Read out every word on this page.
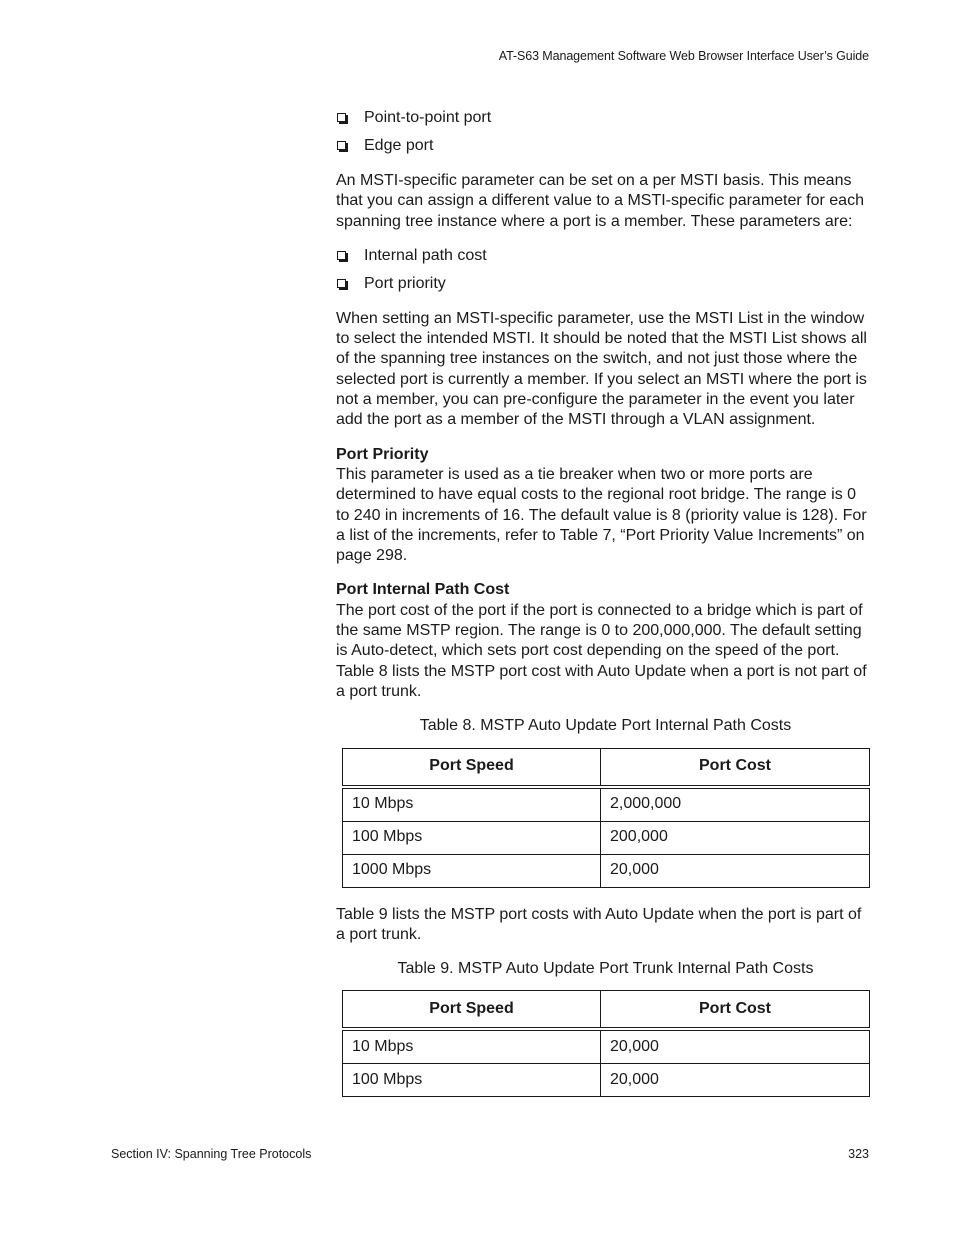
AT-S63 Management Software Web Browser Interface User’s Guide
Point-to-point port
Edge port

An MSTI-specific parameter can be set on a per MSTI basis. This means that you can assign a different value to a MSTI-specific parameter for each spanning tree instance where a port is a member. These parameters are:

Internal path cost
Port priority

When setting an MSTI-specific parameter, use the MSTI List in the window to select the intended MSTI. It should be noted that the MSTI List shows all of the spanning tree instances on the switch, and not just those where the selected port is currently a member. If you select an MSTI where the port is not a member, you can pre-configure the parameter in the event you later add the port as a member of the MSTI through a VLAN assignment.

Port Priority

This parameter is used as a tie breaker when two or more ports are determined to have equal costs to the regional root bridge. The range is 0 to 240 in increments of 16. The default value is 8 (priority value is 128). For a list of the increments, refer to Table 7, “Port Priority Value Increments” on page 298.

Port Internal Path Cost

The port cost of the port if the port is connected to a bridge which is part of the same MSTP region. The range is 0 to 200,000,000. The default setting is Auto-detect, which sets port cost depending on the speed of the port. Table 8 lists the MSTP port cost with Auto Update when a port is not part of a port trunk.

Table 8. MSTP Auto Update Port Internal Path Costs

Port Speed	Port Cost
10 Mbps	2,000,000
100 Mbps	200,000
1000 Mbps	20,000

Table 9 lists the MSTP port costs with Auto Update when the port is part of a port trunk.

Table 9. MSTP Auto Update Port Trunk Internal Path Costs

Port Speed	Port Cost
10 Mbps	20,000
100 Mbps	20,000
Section IV: Spanning Tree Protocols	323
